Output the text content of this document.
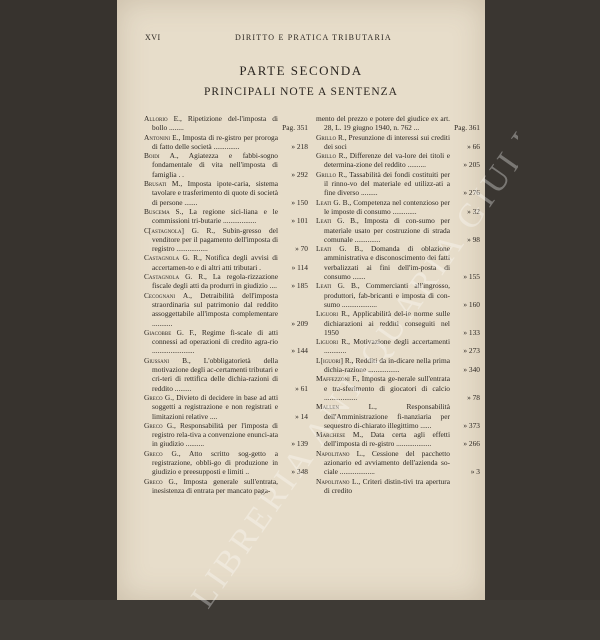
XVI	DIRITTO E PRATICA TRIBUTARIA
PARTE SECONDA
PRINCIPALI NOTE A SENTENZA
Allorio E., Ripetizione del-l'imposta di bollo ........	Pag. 351
Antonini E., Imposta di re-gistro per proroga di fatto delle società ..............	» 218
Boidi A., Agiatezza e fabbi-sogno fondamentale di vita nell'imposta di famiglia . .	» 292
Brusati M., Imposta ipote-caria, sistema tavolare e trasferimento di quote di società di persone .......	» 150
Buscema S., La regione sici-liana e le commissioni tri-butarie ..................	» 101
C[astagnola] G. R., Subin-gresso del venditore per il pagamento dell'imposta di registro .................	» 70
Castagnola G. R., Notifica degli avvisi di accertamen-to e di altri atti tributari .	» 114
Castagnola G. R., La regola-rizzazione fiscale degli atti da produrri in giudizio .... » 185
Cecognani A., Detraibilità dell'imposta straordinaria sul patrimonio dal reddito assoggettabile all'imposta complementare ...........	» 209
Giacobbe G. F., Regime fi-scale di atti connessi ad operazioni di credito agra-rio .......................	» 144
Giussani B., L'obbligatorietà della motivazione degli ac-certamenti tributari e cri-teri di rettifica delle dichia-razioni di reddito .........	» 61
Greco G., Divieto di decidere in base ad atti soggetti a registrazione e non registrati e limitazioni relative ....	» 14
Greco G., Responsabilità per l'imposta di registro rela-tiva a convenzione enunci-ata in giudizio ..........	» 139
Greco G., Atto scritto sog-getto a registrazione, obbli-go di produzione in giudizio e preesupposti e limiti ..	» 348
Greco G., Imposta generale sull'entrata, inesistenza di entrata per mancato paga-
mento del prezzo e potere del giudice ex art. 28, L. 19 giugno 1940, n. 762 ...	Pag. 361
Grillo R., Presunzione di interessi sui crediti dei soci	» 66
Grillo R., Differenze del va-lore dei titoli e determina-zione del reddito ..........	» 205
Grillo R., Tassabilità dei fondi costituiti per il rinno-vo del materiale ed utilizz-ati a fine diverso .........	» 276
Leati G. B., Competenza nel contenzioso per le imposte di consumo .............	» 32
Leati G. B., Imposta di con-sumo per materiale usato per costruzione di strada comunale ..............	» 98
Leati G. B., Domanda di oblazione amministrativa e disconoscimento dei fatti verbalizzati ai fini dell'im-posta di consumo .......	» 155
Leati G. B., Commercianti all'ingrosso, produttori, fab-bricanti e imposta di con-sumo ...................	» 160
Liguori R., Applicabilità del-le norme sulle dichiarazioni ai redditi conseguiti nel 1950	» 133
Liguori R., Motivazione degli accertamenti ............	» 273
L[iguori] R., Redditi da in-dicare nella prima dichia-razione .................	» 340
Maffezzoni F., Imposta ge-nerale sull'entrata e tra-sferimento di giocatori di calcio ..................	» 78
Mallen L.,	Responsabilità dell'Amministrazione fi-nanziaria per sequestro di-chiarato illegittimo ......	» 373
Marchese M., Data certa agli effetti dell'imposta di re-gistro ...................	» 266
Napolitano L., Cessione del pacchetto azionario ed avviamento dell'azienda so-ciale ...................	» 3
Napolitano L., Criteri distin-tivi tra apertura di credito
LIBRERIA ANTIQUARIA GIULIO
